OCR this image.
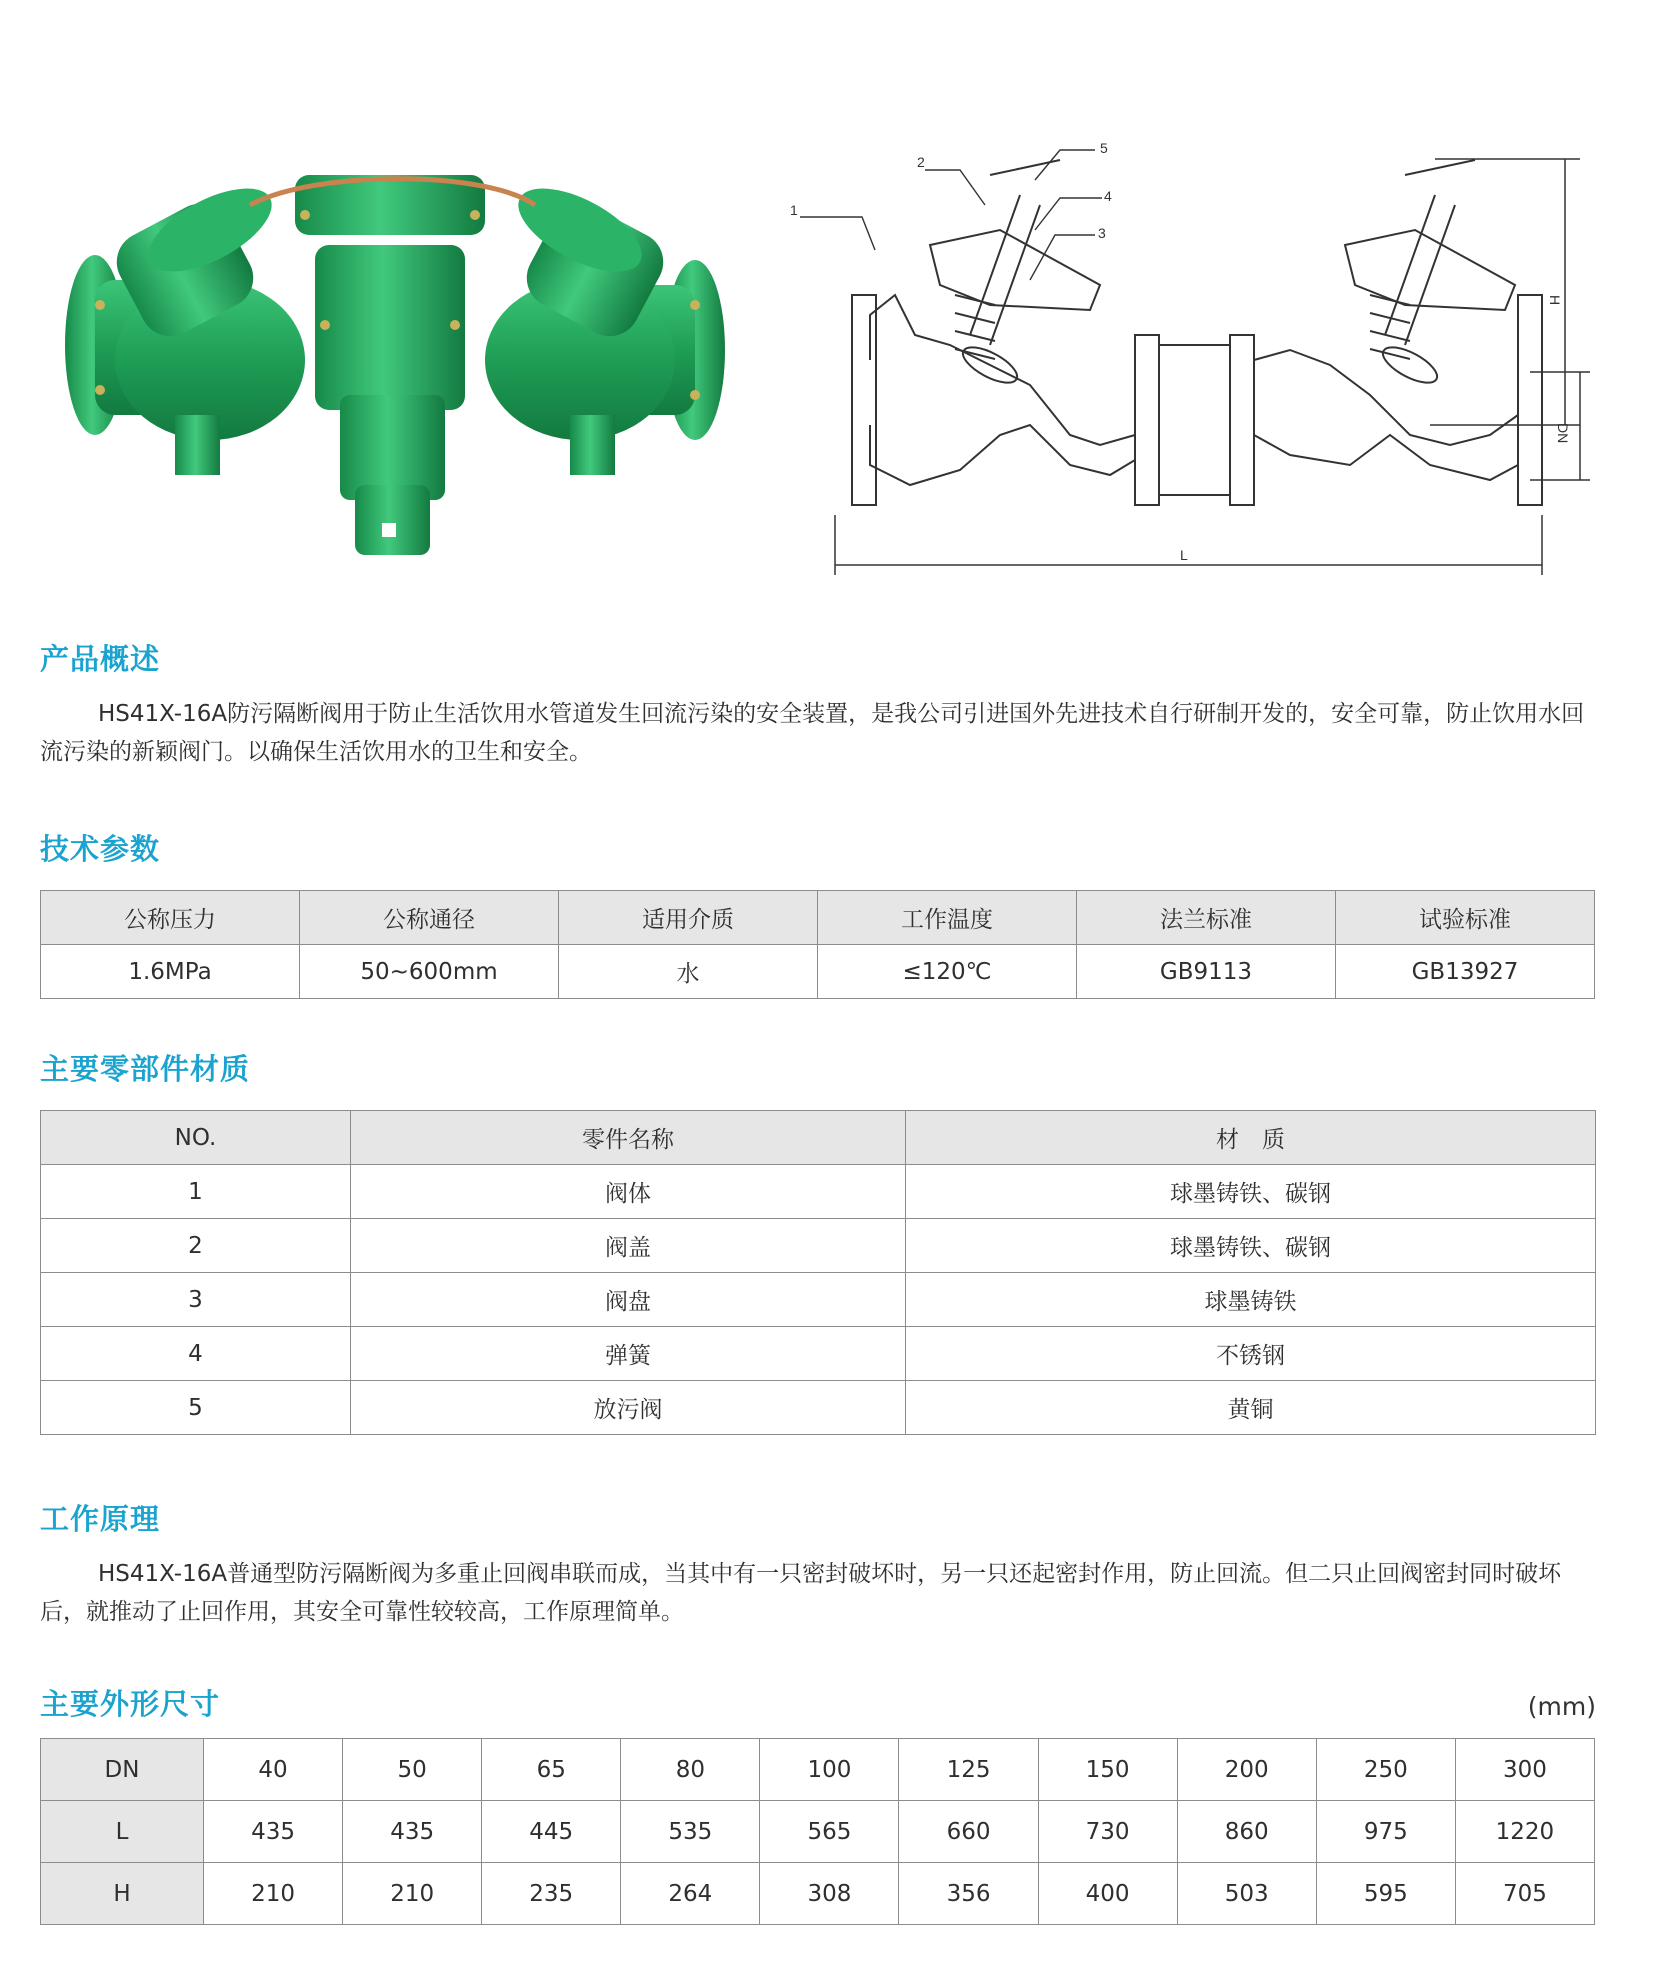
1
2
5
4
3
H
DN
L
产品概述
HS41X-16A防污隔断阀用于防止生活饮用水管道发生回流污染的安全装置，是我公司引进国外先进技术自行研制开发的，安全可靠，防止饮用水回流污染的新颖阀门。以确保生活饮用水的卫生和安全。
技术参数
公称压力	公称通径	适用介质	工作温度	法兰标准	试验标准
1.6MPa	50~600mm	水	≤120℃	GB9113	GB13927
主要零部件材质
NO.	零件名称	材　质
1	阀体	球墨铸铁、碳钢
2	阀盖	球墨铸铁、碳钢
3	阀盘	球墨铸铁
4	弹簧	不锈钢
5	放污阀	黄铜
工作原理
HS41X-16A普通型防污隔断阀为多重止回阀串联而成，当其中有一只密封破坏时，另一只还起密封作用，防止回流。但二只止回阀密封同时破坏后，就推动了止回作用，其安全可靠性较较高，工作原理简单。
主要外形尺寸	(mm)
DN	40	50	65	80	100	125	150	200	250	300
L	435	435	445	535	565	660	730	860	975	1220
H	210	210	235	264	308	356	400	503	595	705
